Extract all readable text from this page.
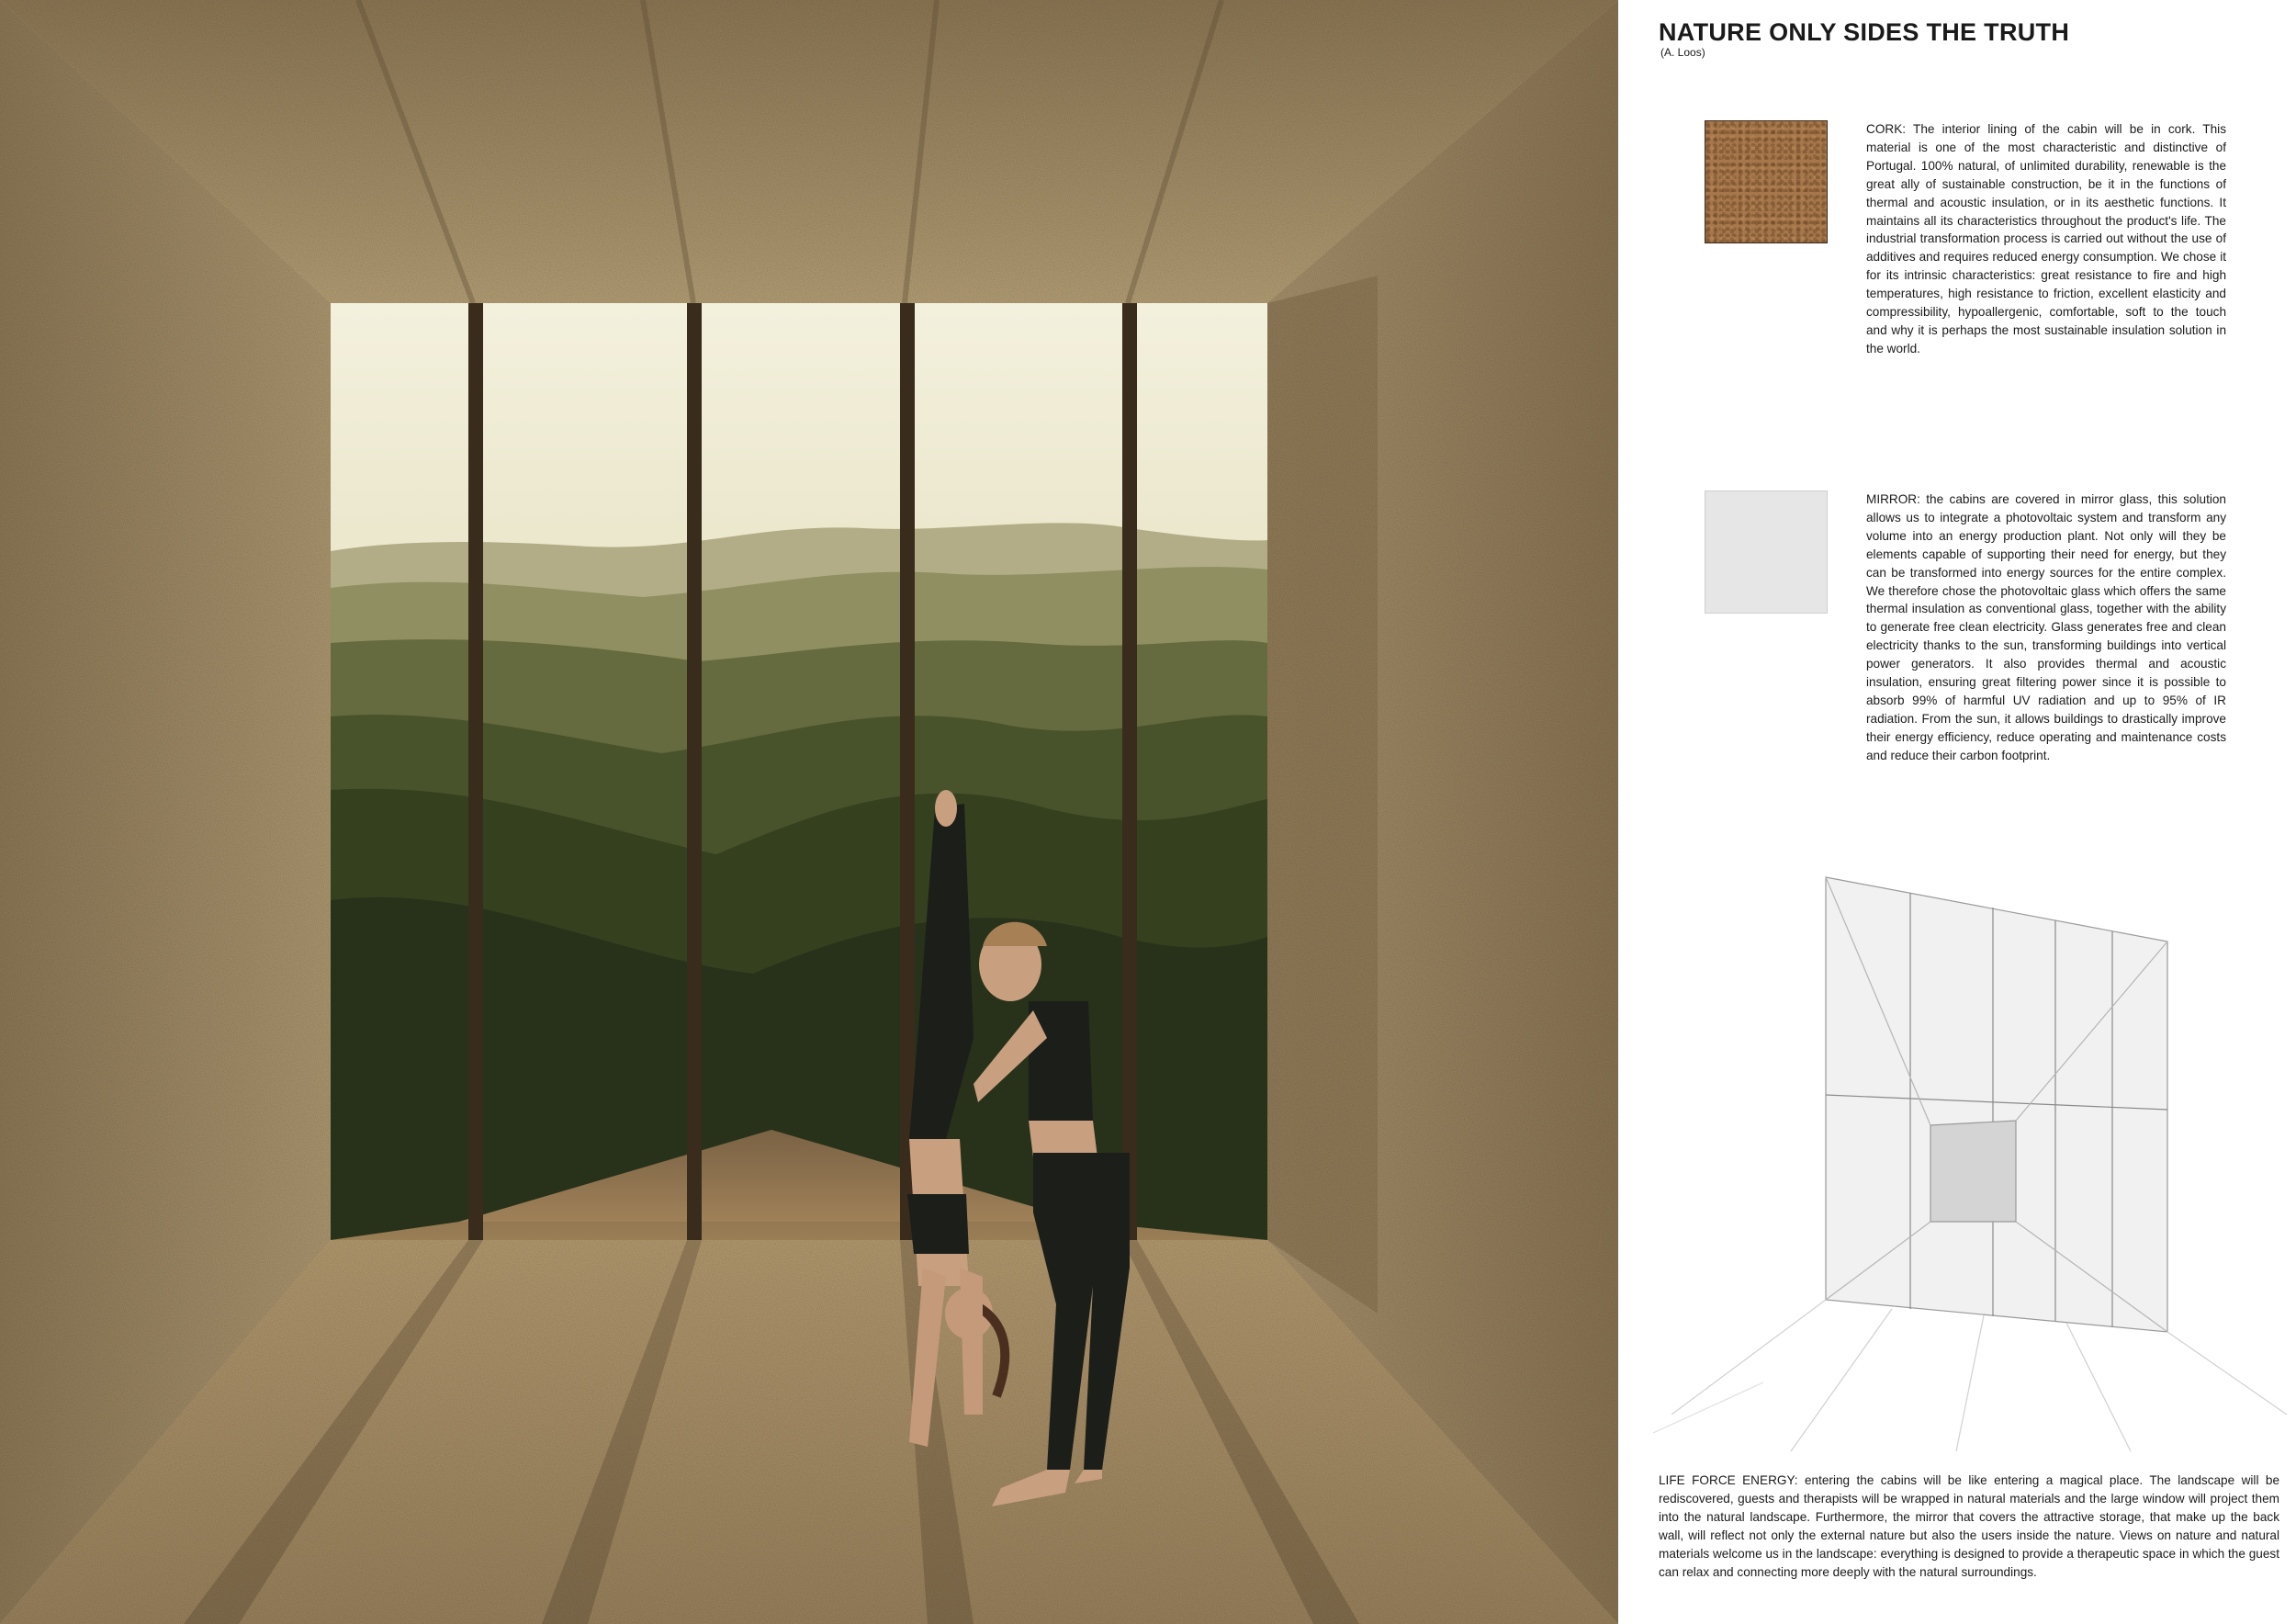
NATURE ONLY SIDES THE TRUTH
(A. Loos)

CORK: The interior lining of the cabin will be in cork. This material is one of the most characteristic and distinctive of Portugal. 100% natural, of unlimited durability, renewable is the great ally of sustainable construction, be it in the functions of thermal and acoustic insulation, or in its aesthetic functions. It maintains all its characteristics throughout the product's life. The industrial transformation process is carried out without the use of additives and requires reduced energy consumption. We chose it for its intrinsic characteristics: great resistance to fire and high temperatures, high resistance to friction, excellent elasticity and compressibility, hypoallergenic, comfortable, soft to the touch and why it is perhaps the most sustainable insulation solution in the world.

MIRROR: the cabins are covered in mirror glass, this solution allows us to integrate a photovoltaic system and transform any volume into an energy production plant. Not only will they be elements capable of supporting their need for energy, but they can be transformed into energy sources for the entire complex. We therefore chose the photovoltaic glass which offers the same thermal insulation as conventional glass, together with the ability to generate free clean electricity. Glass generates free and clean electricity thanks to the sun, transforming buildings into vertical power generators. It also provides thermal and acoustic insulation, ensuring great filtering power since it is possible to absorb 99% of harmful UV radiation and up to 95% of IR radiation. From the sun, it allows buildings to drastically improve their energy efficiency, reduce operating and maintenance costs and reduce their carbon footprint.

LIFE FORCE ENERGY: entering the cabins will be like entering a magical place. The landscape will be rediscovered, guests and therapists will be wrapped in natural materials and the large window will project them into the natural landscape. Furthermore, the mirror that covers the attractive storage, that make up the back wall, will reflect not only the external nature but also the users inside the nature. Views on nature and natural materials welcome us in the landscape: everything is designed to provide a therapeutic space in which the guest can relax and connecting more deeply with the natural surroundings.
